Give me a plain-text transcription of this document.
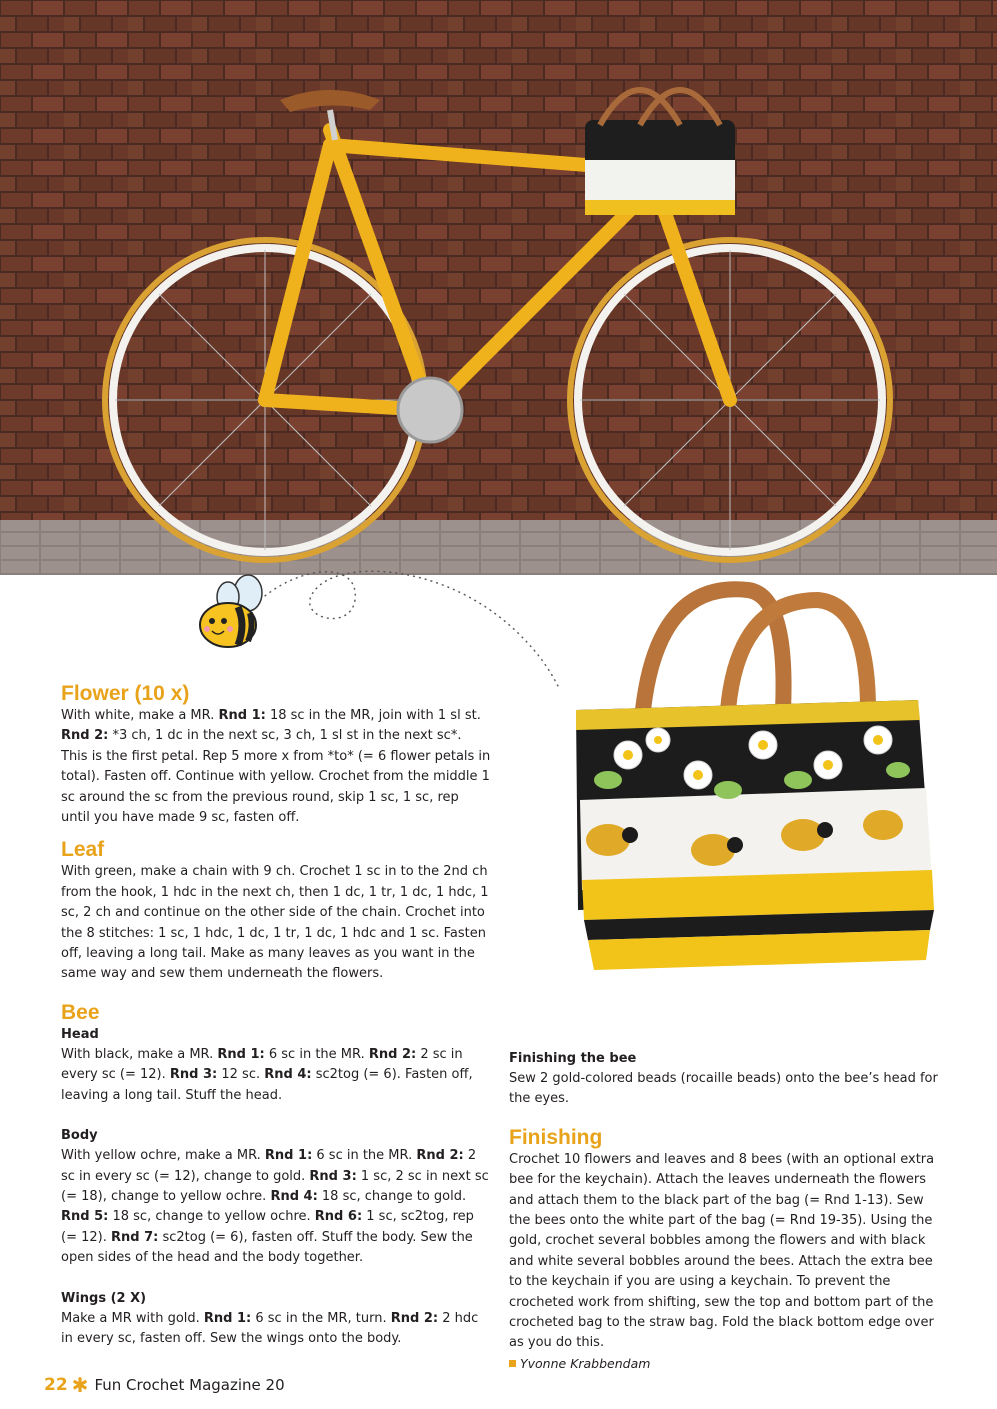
Flower (10 x)

With white, make a MR. Rnd 1: 18 sc in the MR, join with 1 sl st. Rnd 2: *3 ch, 1 dc in the next sc, 3 ch, 1 sl st in the next sc*. This is the first petal. Rep 5 more x from *to* (= 6 flower petals in total). Fasten off. Continue with yellow. Crochet from the middle 1 sc around the sc from the previous round, skip 1 sc, 1 sc, rep until you have made 9 sc, fasten off.

Leaf

With green, make a chain with 9 ch. Crochet 1 sc in to the 2nd ch from the hook, 1 hdc in the next ch, then 1 dc, 1 tr, 1 dc, 1 hdc, 1 sc, 2 ch and continue on the other side of the chain. Crochet into the 8 stitches: 1 sc, 1 hdc, 1 dc, 1 tr, 1 dc, 1 hdc and 1 sc. Fasten off, leaving a long tail. Make as many leaves as you want in the same way and sew them underneath the flowers.

Bee
Head

With black, make a MR. Rnd 1: 6 sc in the MR. Rnd 2: 2 sc in every sc (= 12). Rnd 3: 12 sc. Rnd 4: sc2tog (= 6). Fasten off, leaving a long tail. Stuff the head.

Body

With yellow ochre, make a MR. Rnd 1: 6 sc in the MR. Rnd 2: 2 sc in every sc (= 12), change to gold. Rnd 3: 1 sc, 2 sc in next sc (= 18), change to yellow ochre. Rnd 4: 18 sc, change to gold. Rnd 5: 18 sc, change to yellow ochre. Rnd 6: 1 sc, sc2tog, rep (= 12). Rnd 7: sc2tog (= 6), fasten off. Stuff the body. Sew the open sides of the head and the body together.

Wings (2 X)

Make a MR with gold. Rnd 1: 6 sc in the MR, turn. Rnd 2: 2 hdc in every sc, fasten off. Sew the wings onto the body.

Finishing the bee

Sew 2 gold-colored beads (rocaille beads) onto the bee’s head for the eyes.

Finishing

Crochet 10 flowers and leaves and 8 bees (with an optional extra bee for the keychain). Attach the leaves underneath the flowers and attach them to the black part of the bag (= Rnd 1-13). Sew the bees onto the white part of the bag (= Rnd 19-35). Using the gold, crochet several bobbles among the flowers and with black and white several bobbles around the bees. Attach the extra bee to the keychain if you are using a keychain. To prevent the crocheted work from shifting, sew the top and bottom part of the crocheted bag to the straw bag. Fold the black bottom edge over as you do this.

Yvonne Krabbendam

22 ✱ Fun Crochet Magazine 20
